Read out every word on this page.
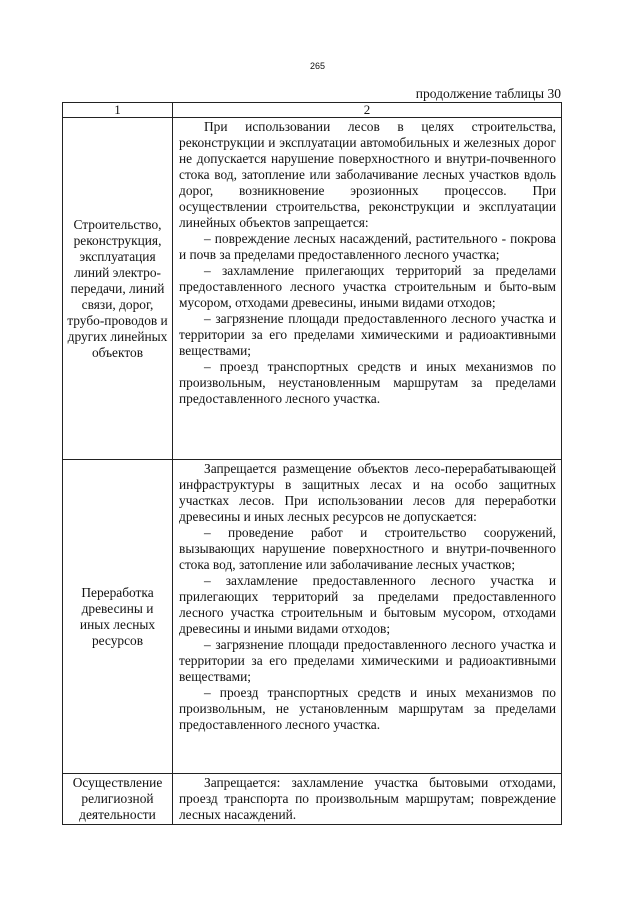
265
продолжение таблицы 30
1	2
Строительство, реконструкция, эксплуатация линий электро-передачи, линий связи, дорог, трубо-проводов и других линейных объектов	При использовании лесов в целях строительства, реконструкции и эксплуатации автомобильных и железных дорог не допускается нарушение поверхностного и внутри-почвенного стока вод, затопление или заболачивание лесных участков вдоль дорог, возникновение эрозионных процессов. При осуществлении строительства, реконструкции и эксплуатации линейных объектов запрещается:

– повреждение лесных насаждений, растительного - покрова и почв за пределами предоставленного лесного участка;

– захламление прилегающих территорий за пределами предоставленного лесного участка строительным и быто-вым мусором, отходами древесины, иными видами отходов;

– загрязнение площади предоставленного лесного участка и территории за его пределами химическими и радиоактивными веществами;

– проезд транспортных средств и иных механизмов по произвольным, неустановленным маршрутам за пределами предоставленного лесного участка.

Переработка древесины и иных лесных ресурсов	Запрещается размещение объектов лесо-перерабатывающей инфраструктуры в защитных лесах и на особо защитных участках лесов. При использовании лесов для переработки древесины и иных лесных ресурсов не допускается:

– проведение работ и строительство сооружений, вызывающих нарушение поверхностного и внутри-почвенного стока вод, затопление или заболачивание лесных участков;

– захламление предоставленного лесного участка и прилегающих территорий за пределами предоставленного лесного участка строительным и бытовым мусором, отходами древесины и иными видами отходов;

– загрязнение площади предоставленного лесного участка и территории за его пределами химическими и радиоактивными веществами;

– проезд транспортных средств и иных механизмов по произвольным, не установленным маршрутам за пределами предоставленного лесного участка.

Осуществление религиозной деятельности	Запрещается: захламление участка бытовыми отходами, проезд транспорта по произвольным маршрутам; повреждение лесных насаждений.
